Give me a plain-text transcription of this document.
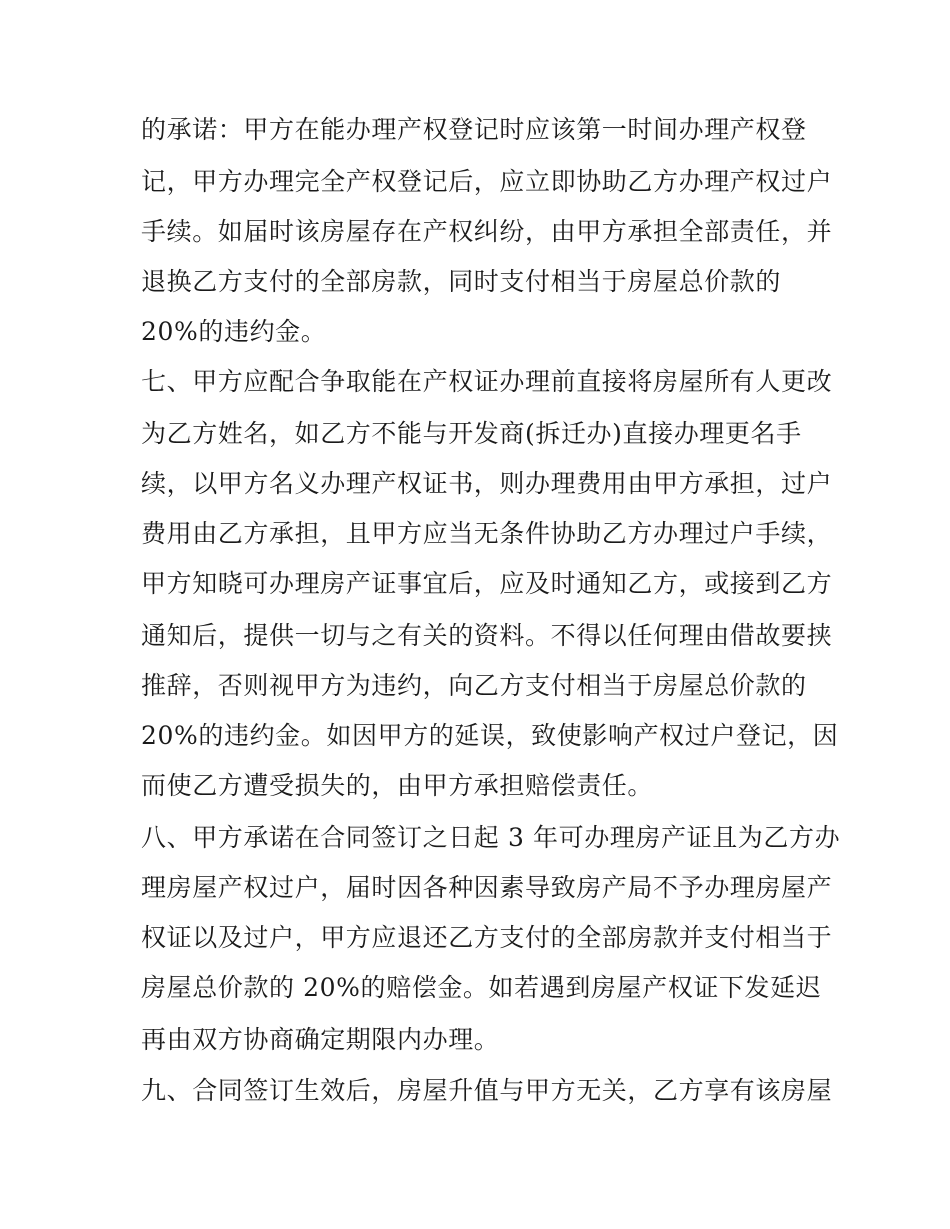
的承诺：甲方在能办理产权登记时应该第一时间办理产权登
记，甲方办理完全产权登记后，应立即协助乙方办理产权过户
手续。如届时该房屋存在产权纠纷，由甲方承担全部责任，并
退换乙方支付的全部房款，同时支付相当于房屋总价款的
20%的违约金。
七、甲方应配合争取能在产权证办理前直接将房屋所有人更改
为乙方姓名，如乙方不能与开发商(拆迁办)直接办理更名手
续，以甲方名义办理产权证书，则办理费用由甲方承担，过户
费用由乙方承担，且甲方应当无条件协助乙方办理过户手续，
甲方知晓可办理房产证事宜后，应及时通知乙方，或接到乙方
通知后，提供一切与之有关的资料。不得以任何理由借故要挟
推辞，否则视甲方为违约，向乙方支付相当于房屋总价款的
20%的违约金。如因甲方的延误，致使影响产权过户登记，因
而使乙方遭受损失的，由甲方承担赔偿责任。
八、甲方承诺在合同签订之日起 3 年可办理房产证且为乙方办
理房屋产权过户，届时因各种因素导致房产局不予办理房屋产
权证以及过户，甲方应退还乙方支付的全部房款并支付相当于
房屋总价款的 20%的赔偿金。如若遇到房屋产权证下发延迟
再由双方协商确定期限内办理。
九、合同签订生效后，房屋升值与甲方无关，乙方享有该房屋
